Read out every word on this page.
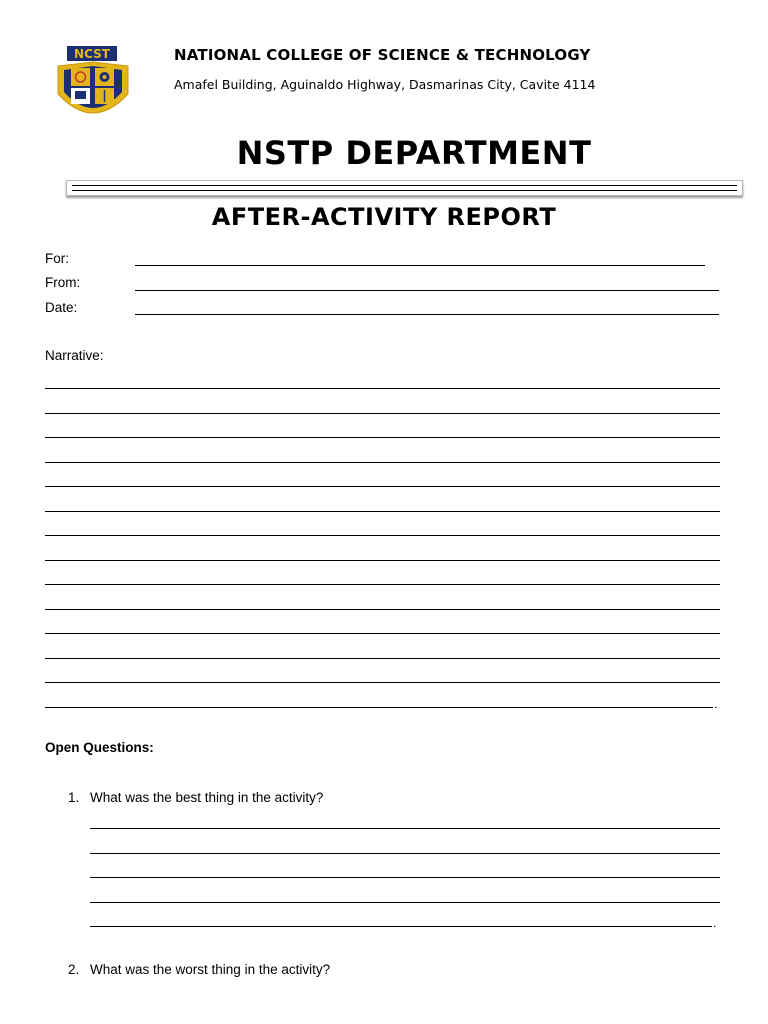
NCST	NATIONAL COLLEGE OF SCIENCE & TECHNOLOGY
Amafel Building, Aguinaldo Highway, Dasmarinas City, Cavite 4114
NSTP DEPARTMENT
AFTER-ACTIVITY REPORT
For:
From:
Date:
Narrative:
Open Questions:
1. What was the best thing in the activity?
2. What was the worst thing in the activity?
.
.
